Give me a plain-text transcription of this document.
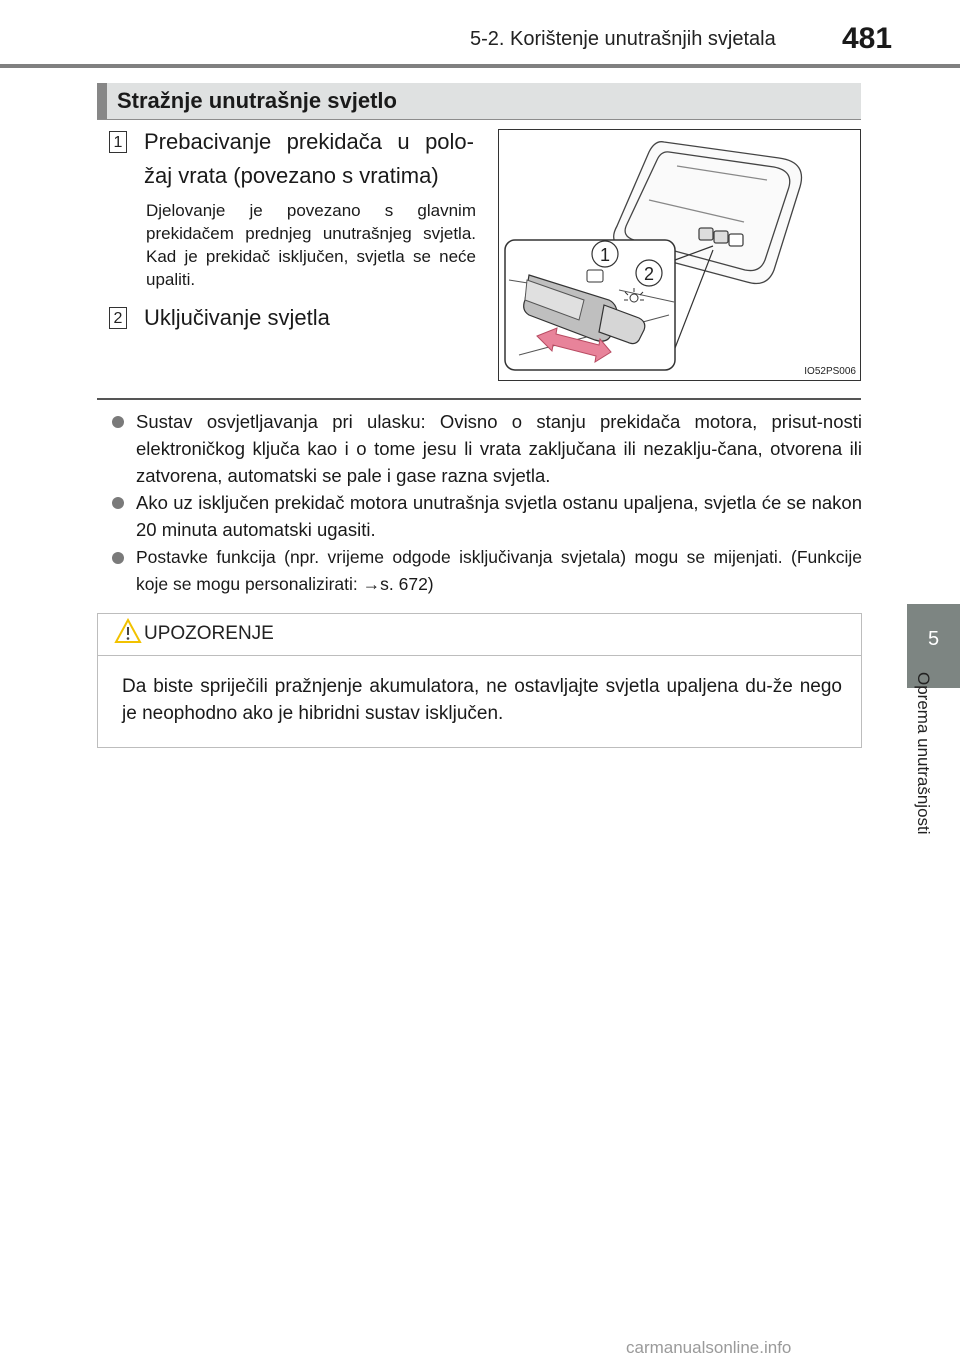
5-2. Korištenje unutrašnjih svjetala 481
5
Oprema unutrašnjosti
Stražnje unutrašnje svjetlo
1 Prebacivanje prekidača u polo-žaj vrata (povezano s vratima)
Djelovanje je povezano s glavnim prekidačem prednjeg unutrašnjeg svjetla. Kad je prekidač isključen, svjetla se neće upaliti.
2 Uključivanje svjetla
1
2
IO52PS006
Sustav osvjetljavanja pri ulasku: Ovisno o stanju prekidača motora, prisut-nosti elektroničkog ključa kao i o tome jesu li vrata zaključana ili nezaklju-čana, otvorena ili zatvorena, automatski se pale i gase razna svjetla.
Ako uz isključen prekidač motora unutrašnja svjetla ostanu upaljena, svjetla će se nakon 20 minuta automatski ugasiti.
Postavke funkcija (npr. vrijeme odgode isključivanja svjetala) mogu se mijenjati. (Funkcije koje se mogu personalizirati: →s. 672)
UPOZORENJE
Da biste spriječili pražnjenje akumulatora, ne ostavljajte svjetla upaljena du-že nego je neophodno ako je hibridni sustav isključen.
carmanualsonline.info
